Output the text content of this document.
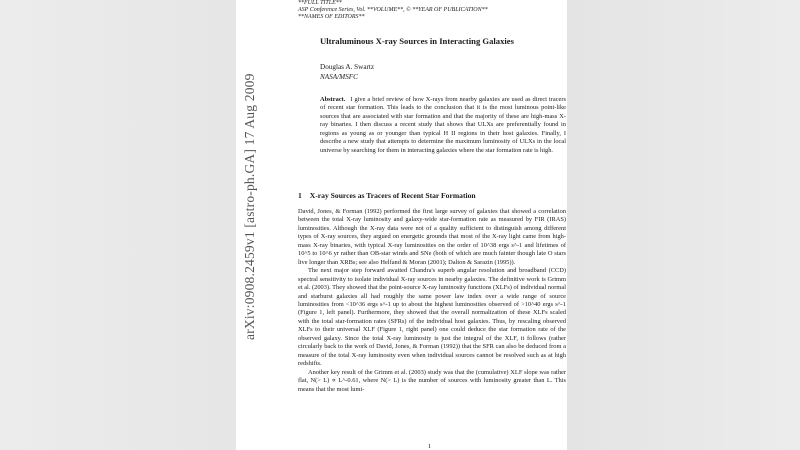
arXiv:0908.2459v1 [astro-ph.GA] 17 Aug 2009
**FULL TITLE**
ASP Conference Series, Vol. **VOLUME**, © **YEAR OF PUBLICATION**
**NAMES OF EDITORS**
Ultraluminous X-ray Sources in Interacting Galaxies
Douglas A. Swartz
NASA/MSFC
Abstract. I give a brief review of how X-rays from nearby galaxies are used as direct tracers of recent star formation. This leads to the conclusion that it is the most luminous point-like sources that are associated with star formation and that the majority of these are high-mass X-ray binaries. I then discuss a recent study that shows that ULXs are preferentially found in regions as young as or younger than typical H II regions in their host galaxies. Finally, I describe a new study that attempts to determine the maximum luminosity of ULXs in the local universe by searching for them in interacting galaxies where the star formation rate is high.
1 X-ray Sources as Tracers of Recent Star Formation

David, Jones, & Forman (1992) performed the first large survey of galaxies that showed a correlation between the total X-ray luminosity and galaxy-wide star-formation rate as measured by FIR (IRAS) luminosities. Although the X-ray data were not of a quality sufficient to distinguish among different types of X-ray sources, they argued on energetic grounds that most of the X-ray light came from high-mass X-ray binaries, with typical X-ray luminosities on the order of 10^38 ergs s^-1 and lifetimes of 10^5 to 10^6 yr rather than OB-star winds and SNe (both of which are much fainter though late O stars live longer than XRBs; see also Helfand & Moran (2001); Dalton & Sarazin (1995)).

The next major step forward awaited Chandra's superb angular resolution and broadband (CCD) spectral sensitivity to isolate individual X-ray sources in nearby galaxies. The definitive work is Grimm et al. (2003). They showed that the point-source X-ray luminosity functions (XLFs) of individual normal and starburst galaxies all had roughly the same power law index over a wide range of source luminosities from <10^36 ergs s^-1 up to about the highest luminosities observed of >10^40 ergs s^-1 (Figure 1, left panel). Furthermore, they showed that the overall normalization of these XLFs scaled with the total star-formation rates (SFRs) of the individual host galaxies. Thus, by rescaling observed XLFs to their universal XLF (Figure 1, right panel) one could deduce the star formation rate of the observed galaxy. Since the total X-ray luminosity is just the integral of the XLF, it follows (rather circularly back to the work of David, Jones, & Forman (1992)) that the SFR can also be deduced from a measure of the total X-ray luminosity even when individual sources cannot be resolved such as at high redshifts.

Another key result of the Grimm et al. (2003) study was that the (cumulative) XLF slope was rather flat, N(> L) ∝ L^-0.61, where N(> L) is the number of sources with luminosity greater than L. This means that the most lumi-

1
